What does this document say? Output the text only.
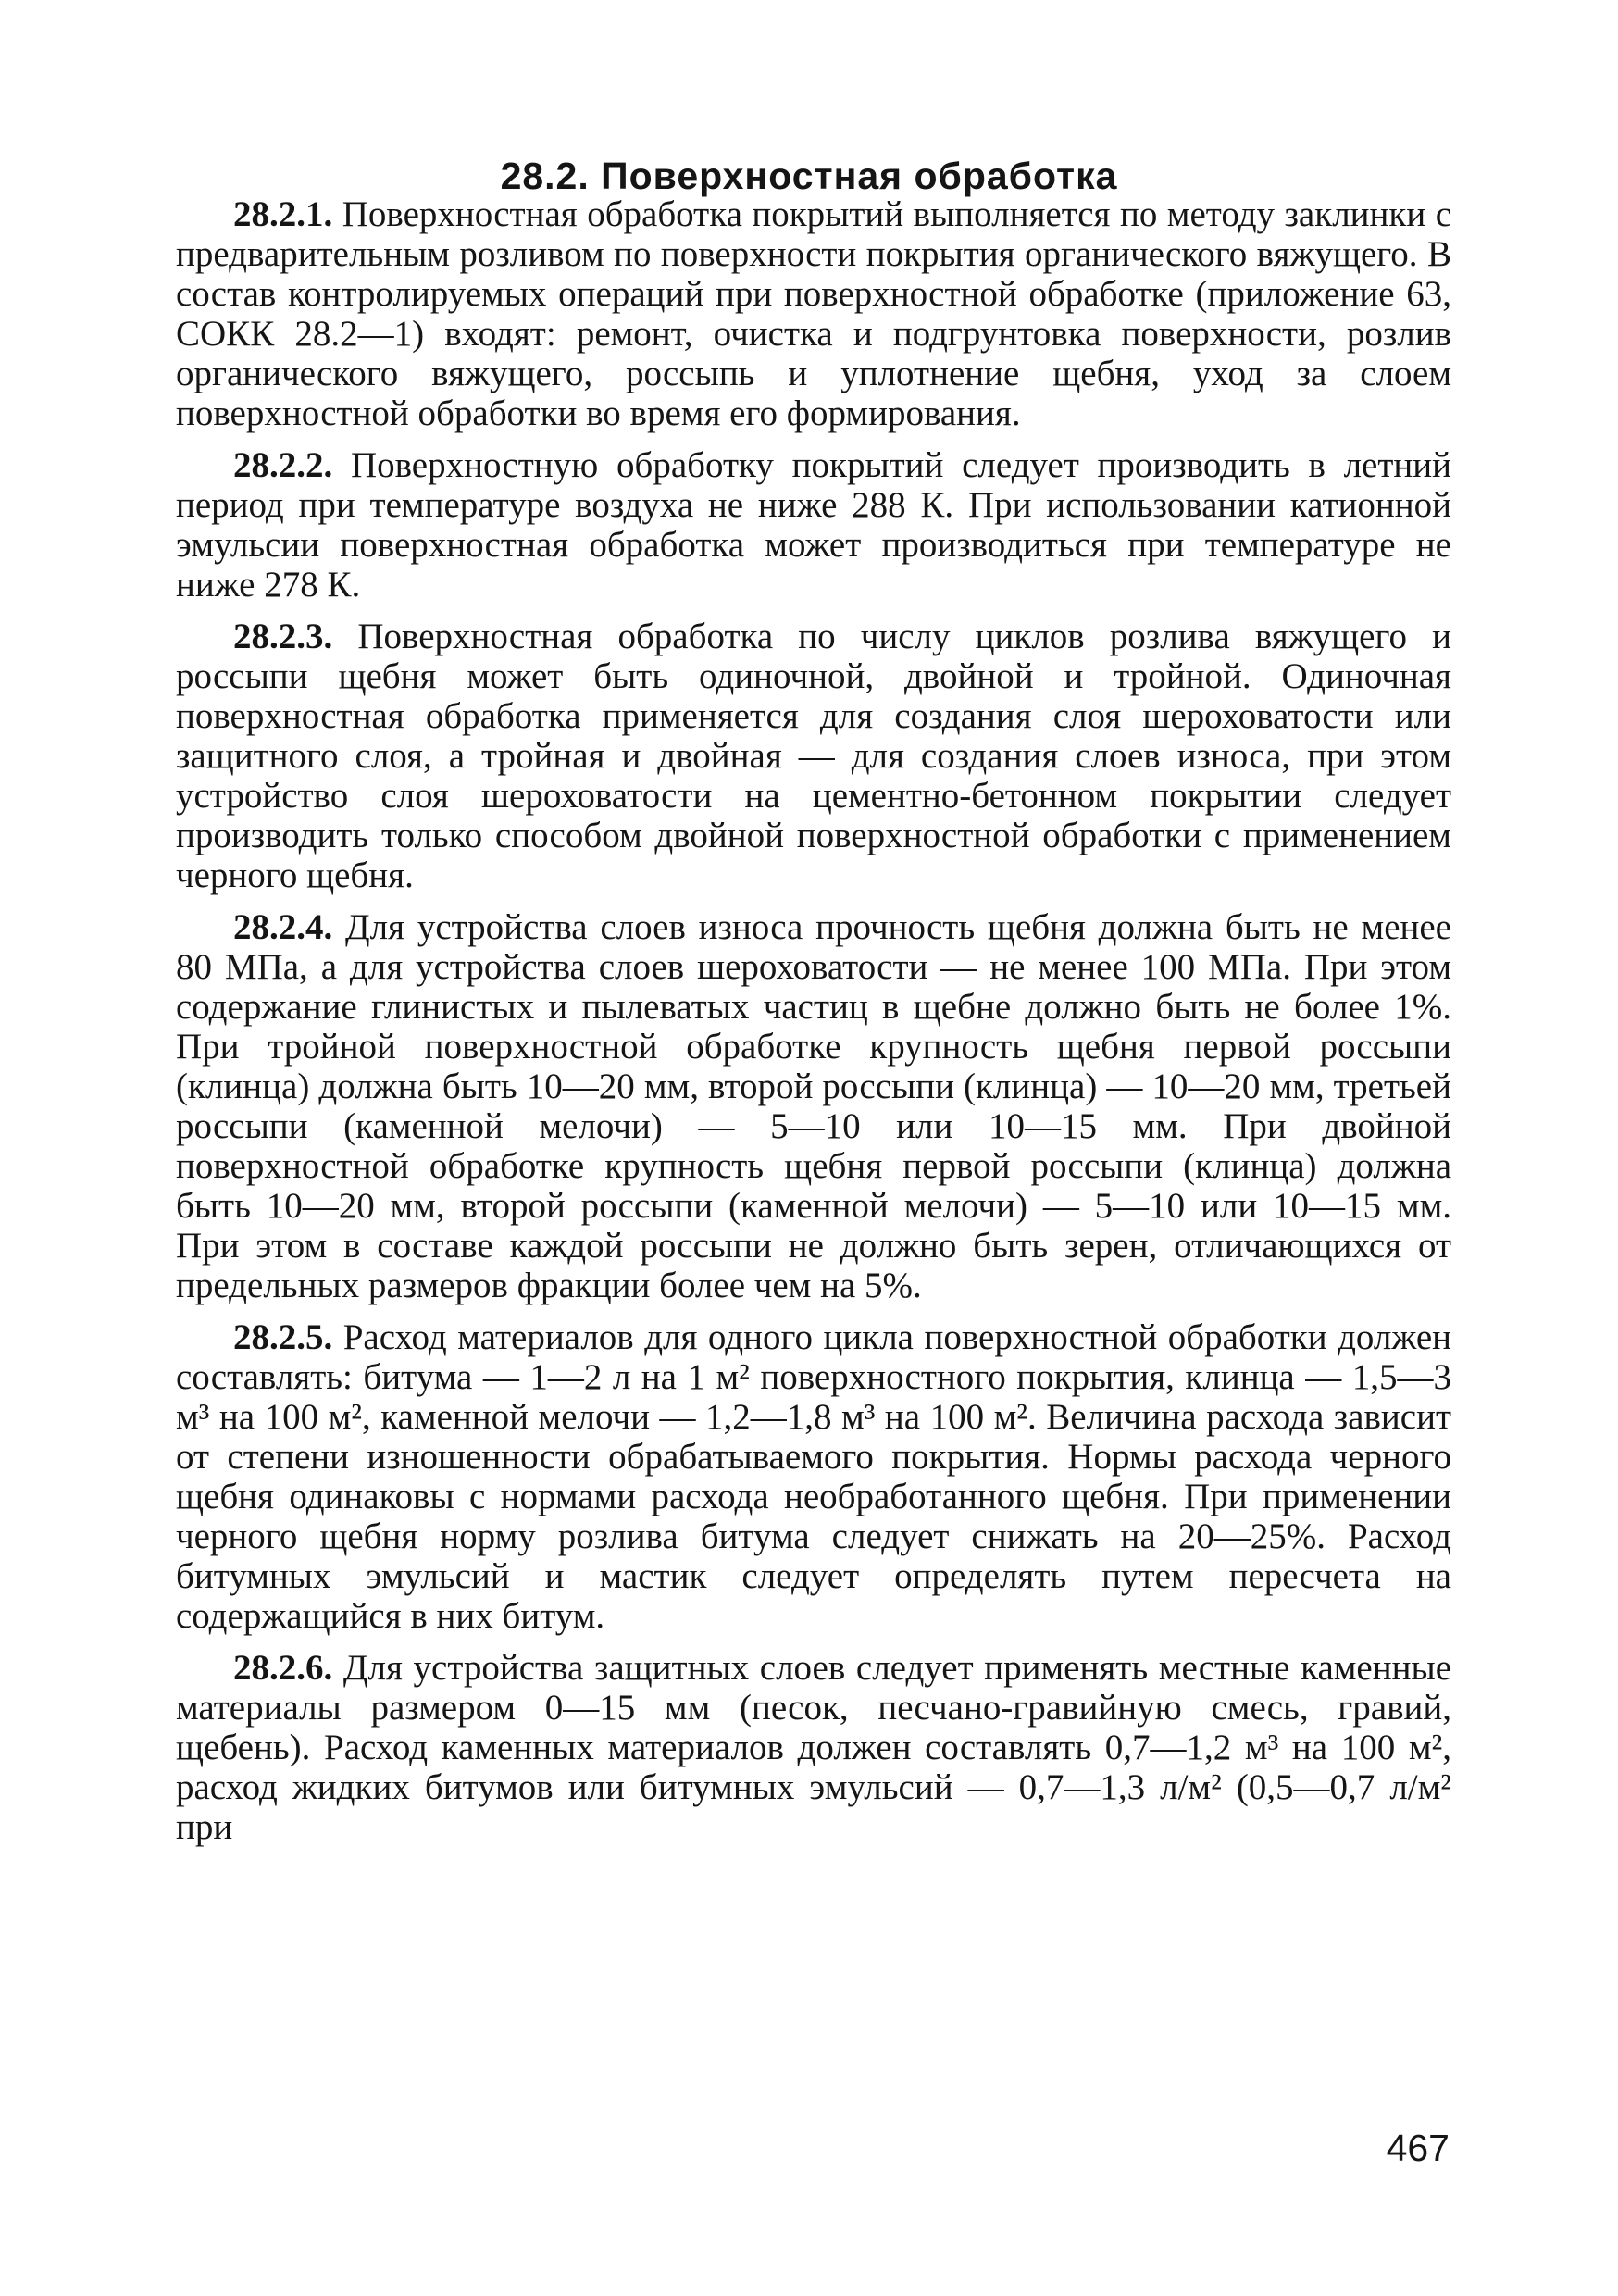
28.2. Поверхностная обработка

28.2.1. Поверхностная обработка покрытий выполняется по методу заклинки с предварительным розливом по поверхности покрытия органического вяжущего. В состав контролируемых операций при поверхностной обработке (приложение 63, СОКК 28.2—1) входят: ремонт, очистка и подгрунтовка поверхности, розлив органического вяжущего, россыпь и уплотнение щебня, уход за слоем поверхностной обработки во время его формирования.

28.2.2. Поверхностную обработку покрытий следует производить в летний период при температуре воздуха не ниже 288 К. При использовании катионной эмульсии поверхностная обработка может производиться при температуре не ниже 278 К.

28.2.3. Поверхностная обработка по числу циклов розлива вяжущего и россыпи щебня может быть одиночной, двойной и тройной. Одиночная поверхностная обработка применяется для создания слоя шероховатости или защитного слоя, а тройная и двойная — для создания слоев износа, при этом устройство слоя шероховатости на цементно-бетонном покрытии следует производить только способом двойной поверхностной обработки с применением черного щебня.

28.2.4. Для устройства слоев износа прочность щебня должна быть не менее 80 МПа, а для устройства слоев шероховатости — не менее 100 МПа. При этом содержание глинистых и пылеватых частиц в щебне должно быть не более 1%. При тройной поверхностной обработке крупность щебня первой россыпи (клинца) должна быть 10—20 мм, второй россыпи (клинца) — 10—20 мм, третьей россыпи (каменной мелочи) — 5—10 или 10—15 мм. При двойной поверхностной обработке крупность щебня первой россыпи (клинца) должна быть 10—20 мм, второй россыпи (каменной мелочи) — 5—10 или 10—15 мм. При этом в составе каждой россыпи не должно быть зерен, отличающихся от предельных размеров фракции более чем на 5%.

28.2.5. Расход материалов для одного цикла поверхностной обработки должен составлять: битума — 1—2 л на 1 м² поверхностного покрытия, клинца — 1,5—3 м³ на 100 м², каменной мелочи — 1,2—1,8 м³ на 100 м². Величина расхода зависит от степени изношенности обрабатываемого покрытия. Нормы расхода черного щебня одинаковы с нормами расхода необработанного щебня. При применении черного щебня норму розлива битума следует снижать на 20—25%. Расход битумных эмульсий и мастик следует определять путем пересчета на содержащийся в них битум.

28.2.6. Для устройства защитных слоев следует применять местные каменные материалы размером 0—15 мм (песок, песчано-гравийную смесь, гравий, щебень). Расход каменных материалов должен составлять 0,7—1,2 м³ на 100 м², расход жидких битумов или битумных эмульсий — 0,7—1,3 л/м² (0,5—0,7 л/м² при

467
